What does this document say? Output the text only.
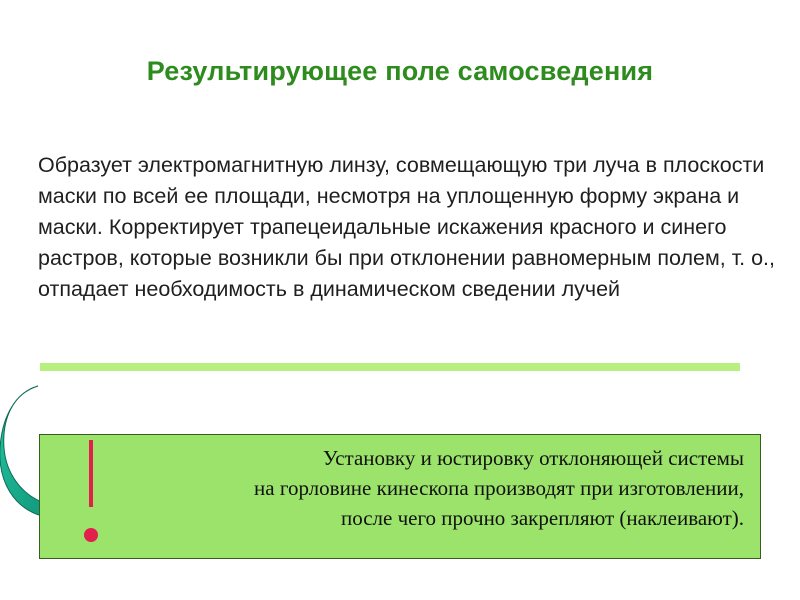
Результирующее поле самосведения
Образует электромагнитную линзу, совмещающую три луча в плоскости маски по всей ее площади, несмотря на уплощенную форму экрана и маски. Корректирует трапецеидальные искажения красного и синего растров, которые возникли бы при отклонении равномерным полем, т. о., отпадает необходимость в динамическом сведении лучей
Установку и юстировку отклоняющей системы
на горловине кинескопа производят при изготовлении,
после чего прочно закрепляют (наклеивают).
